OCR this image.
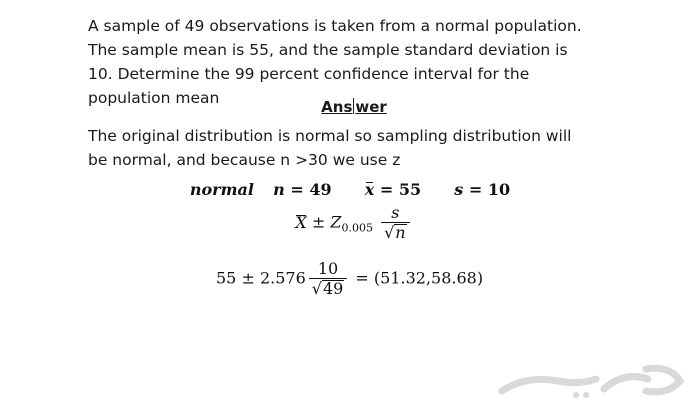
A sample of 49 observations is taken from a normal population. The sample mean is 55, and the sample standard deviation is 10. Determine the 99 percent confidence interval for the population mean	Ans wer

The original distribution is normal so sampling distribution will be normal, and because n >30 we use z

normal n = 49 x = 55 s = 10
$X \pm Z_{0.005} \frac{s}{√n}$
$55 \pm 2.576 \frac{10}{√49} = (51.32,58.68)$
